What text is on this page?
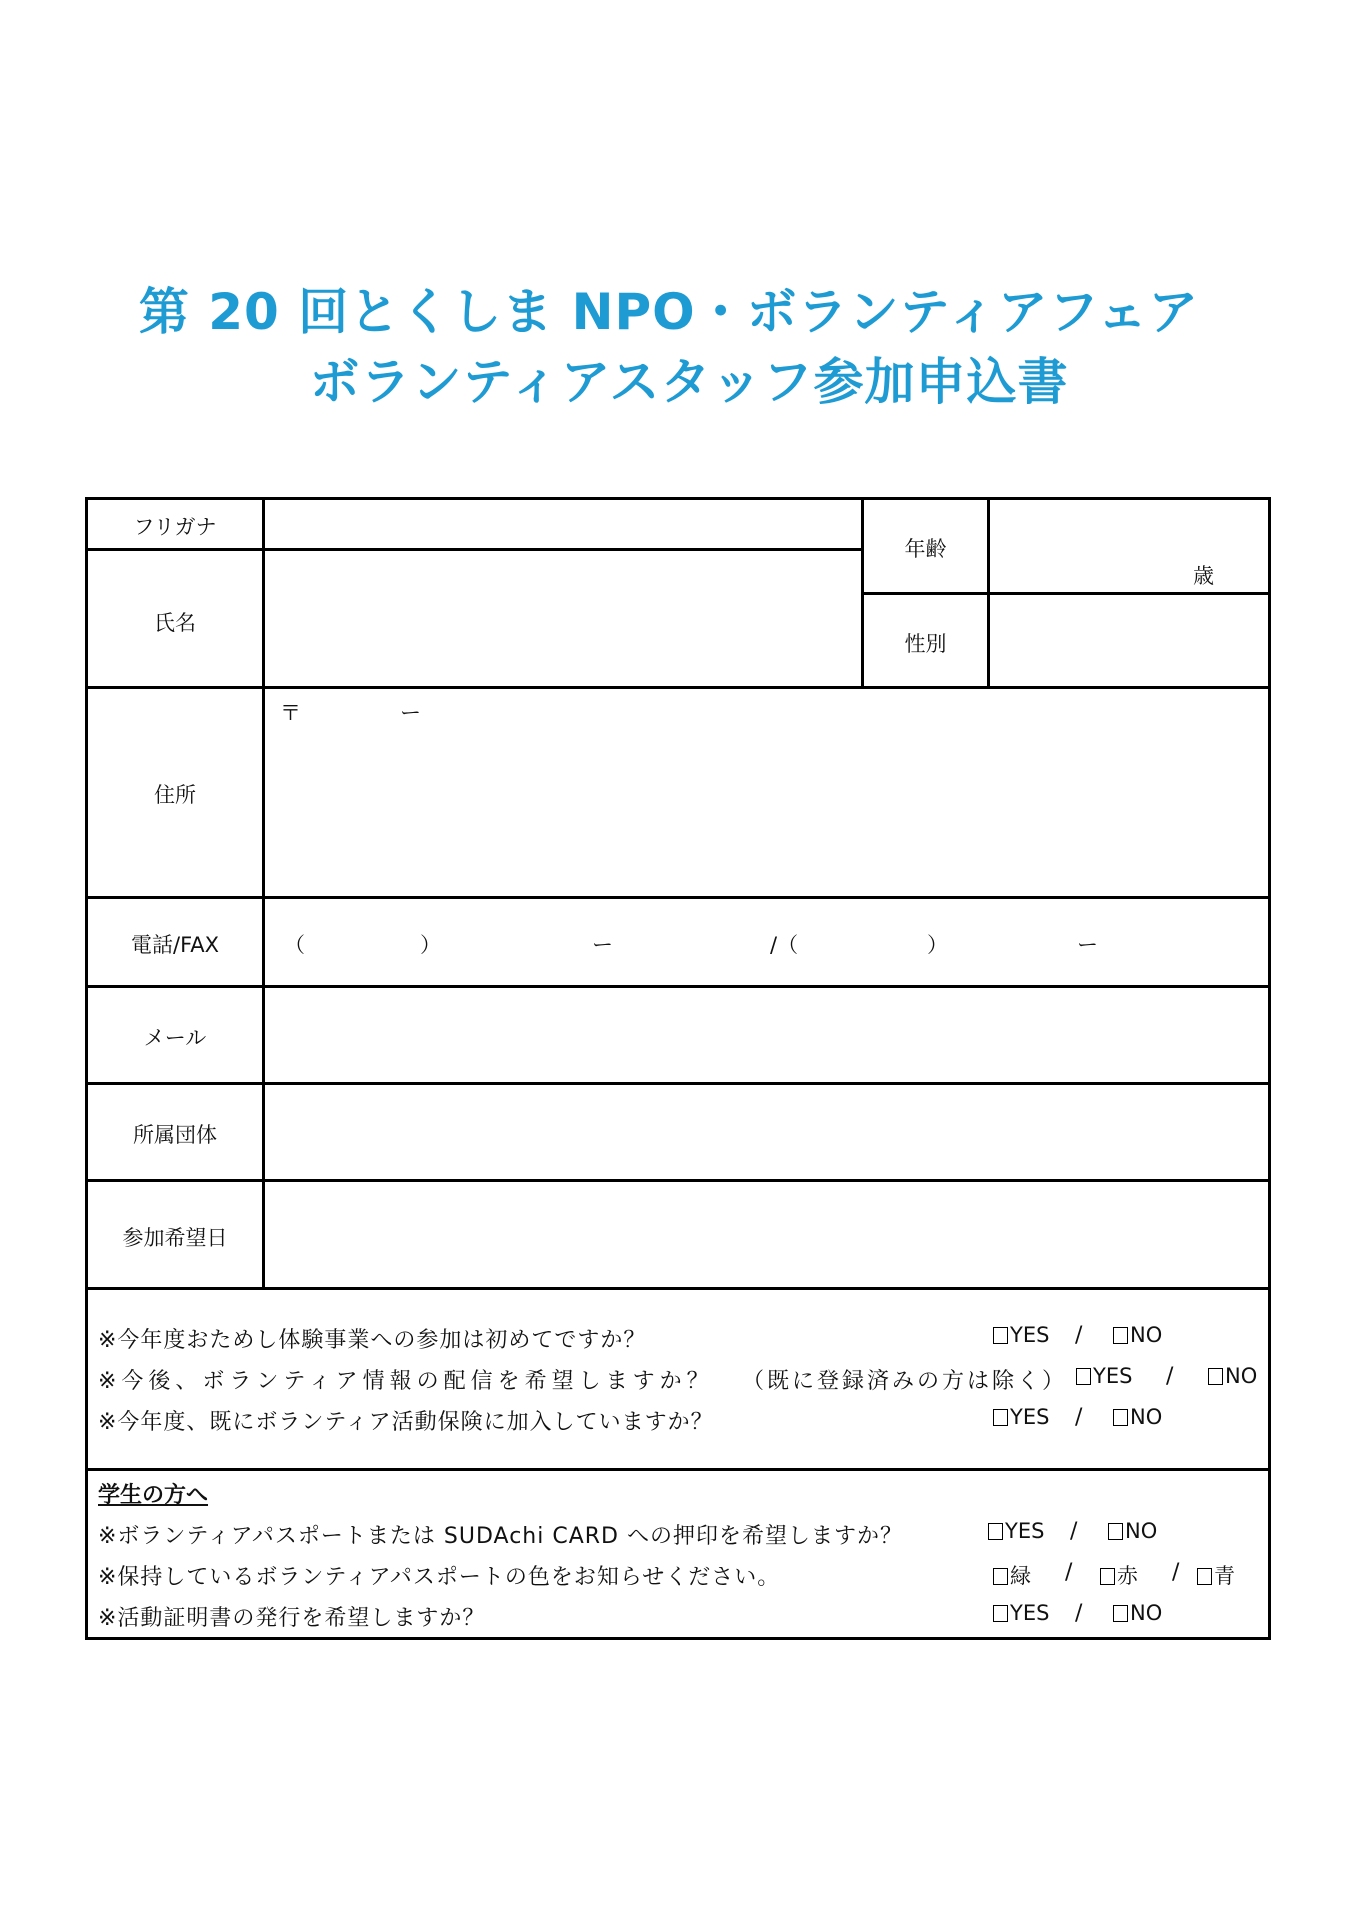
第 20 回とくしま NPO・ボランティアフェア
ボランティアスタッフ参加申込書
フリガナ
氏名
年齢
歳
性別
住所
〒	ー
電話/FAX	（	）	ー	/（	）	ー
メール
所属団体
参加希望日
※今年度おためし体験事業への参加は初めてですか？	YES /	NO
※今後、ボランティア情報の配信を希望しますか？ （既に登録済みの方は除く）	YES /	NO
※今年度、既にボランティア活動保険に加入していますか？	YES /	NO
学生の方へ
※ボランティアパスポートまたは SUDAchi CARD への押印を希望しますか？	YES /	NO
※保持しているボランティアパスポートの色をお知らせください。	緑 /	赤 /	青
※活動証明書の発行を希望しますか？	YES /	NO
